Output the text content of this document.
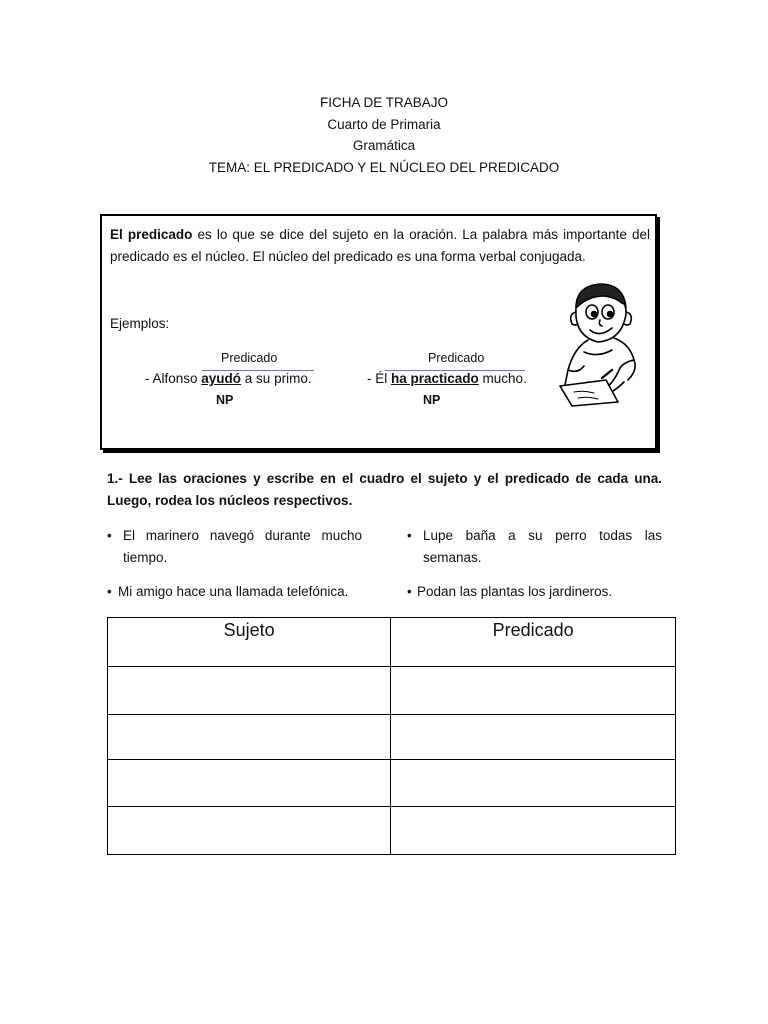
FICHA DE TRABAJO
Cuarto de Primaria
Gramática
TEMA: EL PREDICADO Y EL NÚCLEO DEL PREDICADO
El predicado es lo que se dice del sujeto en la oración. La palabra más importante del predicado es el núcleo. El núcleo del predicado es una forma verbal conjugada.
Ejemplos:
Predicado
- Alfonso ayudó a su primo.
NP
Predicado
- Él ha practicado mucho.
NP
1.- Lee las oraciones y escribe en el cuadro el sujeto y el predicado de cada una. Luego, rodea los núcleos respectivos.
• El marinero navegó durante mucho tiempo.
• Lupe baña a su perro todas las semanas.
• Mi amigo hace una llamada telefónica.	• Podan las plantas los jardineros.
Sujeto	Predicado
